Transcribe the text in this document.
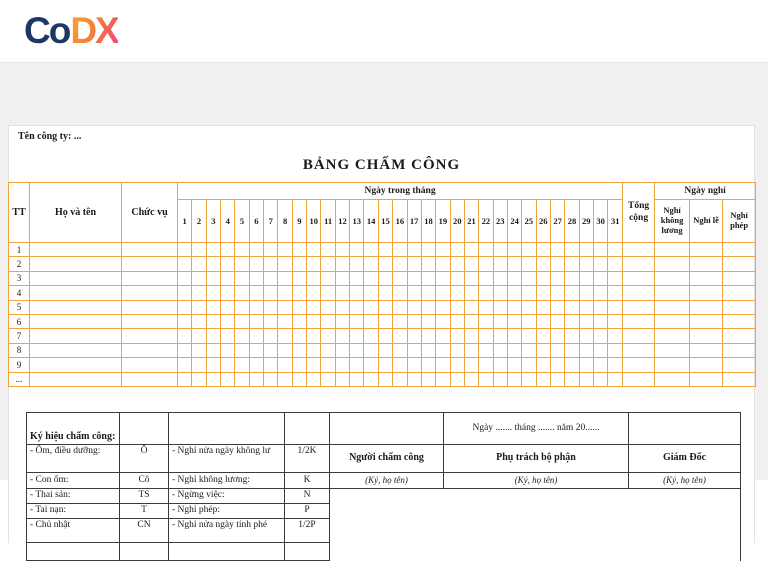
Co DX
Tên công ty: ...
BẢNG CHẤM CÔNG
TT	Họ và tên	Chức vụ	Ngày trong tháng																															Tổng cộng	Ngày nghỉ		
			1	2	3	4	5	6	7	8	9	10	11	12	13	14	15	16	17	18	19	20	21	22	23	24	25	26	27	28	29	30	31		Nghỉ không lương	Nghỉ lễ	Nghỉ phép
1																																					
2																																					
3																																					
4																																					
5																																					
6																																					
7																																					
8																																					
9																																					
...																																					
Ký hiệu chấm công:					Ngày ....... tháng ....... năm 20......	
- Ốm, điều dưỡng:	Ô	- Nghỉ nửa ngày không lư	1/2K	Người chấm công	Phụ trách bộ phận	Giám Đốc
- Con ốm:	Cô	- Nghỉ không lương:	K	(Ký, họ tên)	(Ký, họ tên)	(Ký, họ tên)
- Thai sản:	TS	- Ngừng việc:	N			
- Tai nạn:	T	- Nghỉ phép:	P			
- Chủ nhật	CN	- Nghỉ nửa ngày tính phé	1/2P			
